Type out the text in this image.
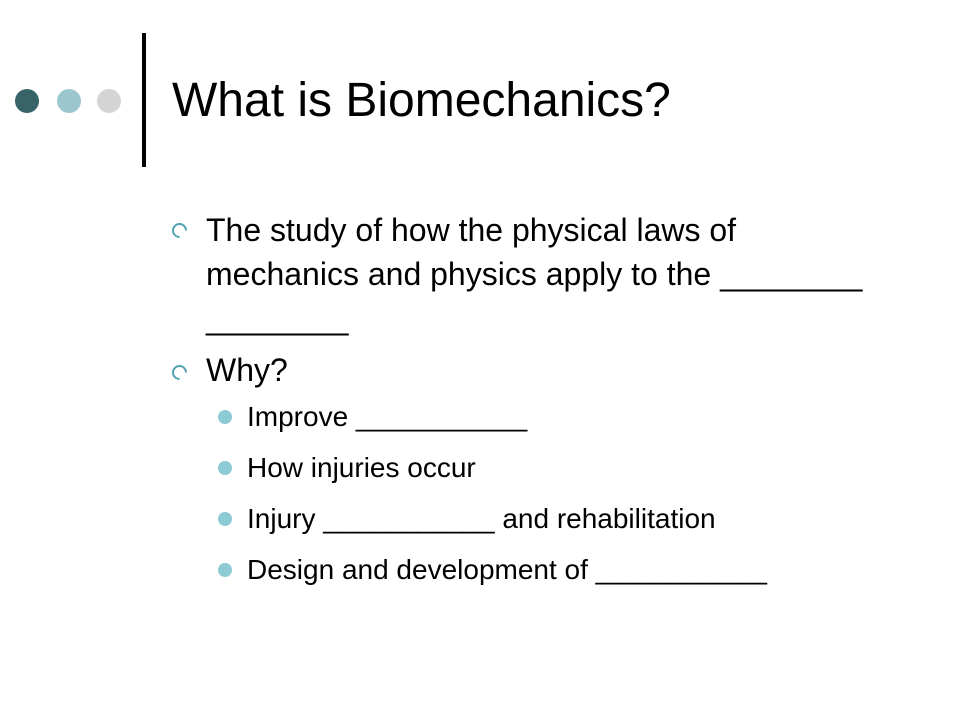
What is Biomechanics?
The study of how the physical laws of mechanics and physics apply to the ________ ________
Why?
Improve ___________
How injuries occur
Injury ___________ and rehabilitation
Design and development of ___________
